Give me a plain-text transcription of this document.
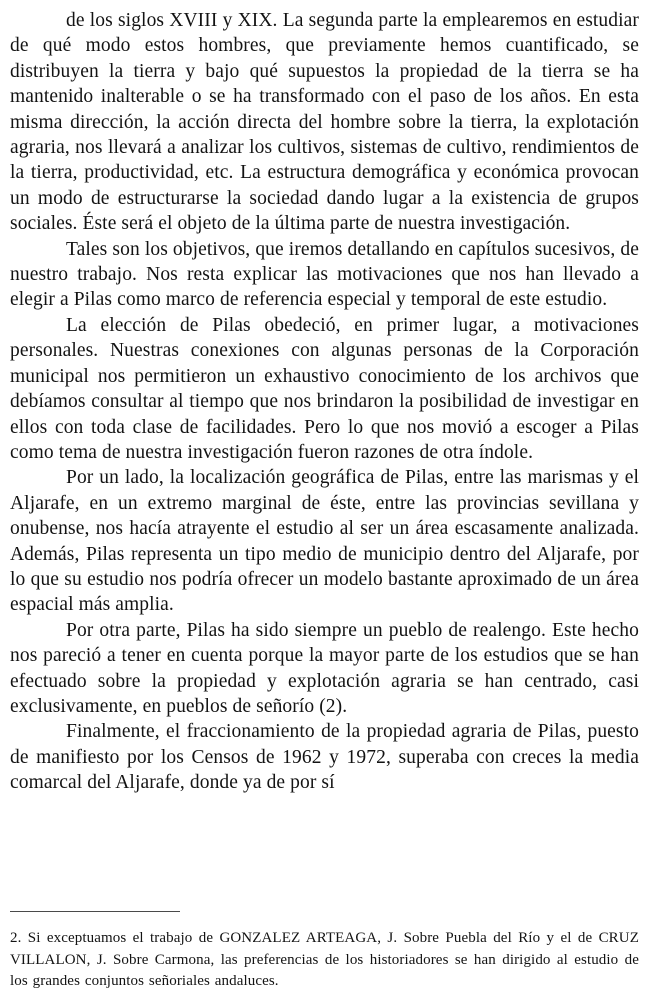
de los siglos XVIII y XIX. La segunda parte la emplearemos en estudiar de qué modo estos hombres, que previamente hemos cuantificado, se distribuyen la tierra y bajo qué supuestos la propiedad de la tierra se ha mantenido inalterable o se ha transformado con el paso de los años. En esta misma dirección, la acción directa del hombre sobre la tierra, la explotación agraria, nos llevará a analizar los cultivos, sistemas de cultivo, rendimientos de la tierra, productividad, etc. La estructura demográfica y económica provocan un modo de estructurarse la sociedad dando lugar a la existencia de grupos sociales. Éste será el objeto de la última parte de nuestra investigación.

Tales son los objetivos, que iremos detallando en capítulos sucesivos, de nuestro trabajo. Nos resta explicar las motivaciones que nos han llevado a elegir a Pilas como marco de referencia especial y temporal de este estudio.

La elección de Pilas obedeció, en primer lugar, a motivaciones personales. Nuestras conexiones con algunas personas de la Corporación municipal nos permitieron un exhaustivo conocimiento de los archivos que debíamos consultar al tiempo que nos brindaron la posibilidad de investigar en ellos con toda clase de facilidades. Pero lo que nos movió a escoger a Pilas como tema de nuestra investigación fueron razones de otra índole.

Por un lado, la localización geográfica de Pilas, entre las marismas y el Aljarafe, en un extremo marginal de éste, entre las provincias sevillana y onubense, nos hacía atrayente el estudio al ser un área escasamente analizada. Además, Pilas representa un tipo medio de municipio dentro del Aljarafe, por lo que su estudio nos podría ofrecer un modelo bastante aproximado de un área espacial más amplia.

Por otra parte, Pilas ha sido siempre un pueblo de realengo. Este hecho nos pareció a tener en cuenta porque la mayor parte de los estudios que se han efectuado sobre la propiedad y explotación agraria se han centrado, casi exclusivamente, en pueblos de señorío (2).

Finalmente, el fraccionamiento de la propiedad agraria de Pilas, puesto de manifiesto por los Censos de 1962 y 1972, superaba con creces la media comarcal del Aljarafe, donde ya de por sí

2. Si exceptuamos el trabajo de GONZALEZ ARTEAGA, J. Sobre Puebla del Río y el de CRUZ VILLALON, J. Sobre Carmona, las preferencias de los historiadores se han dirigido al estudio de los grandes conjuntos señoriales andaluces.
